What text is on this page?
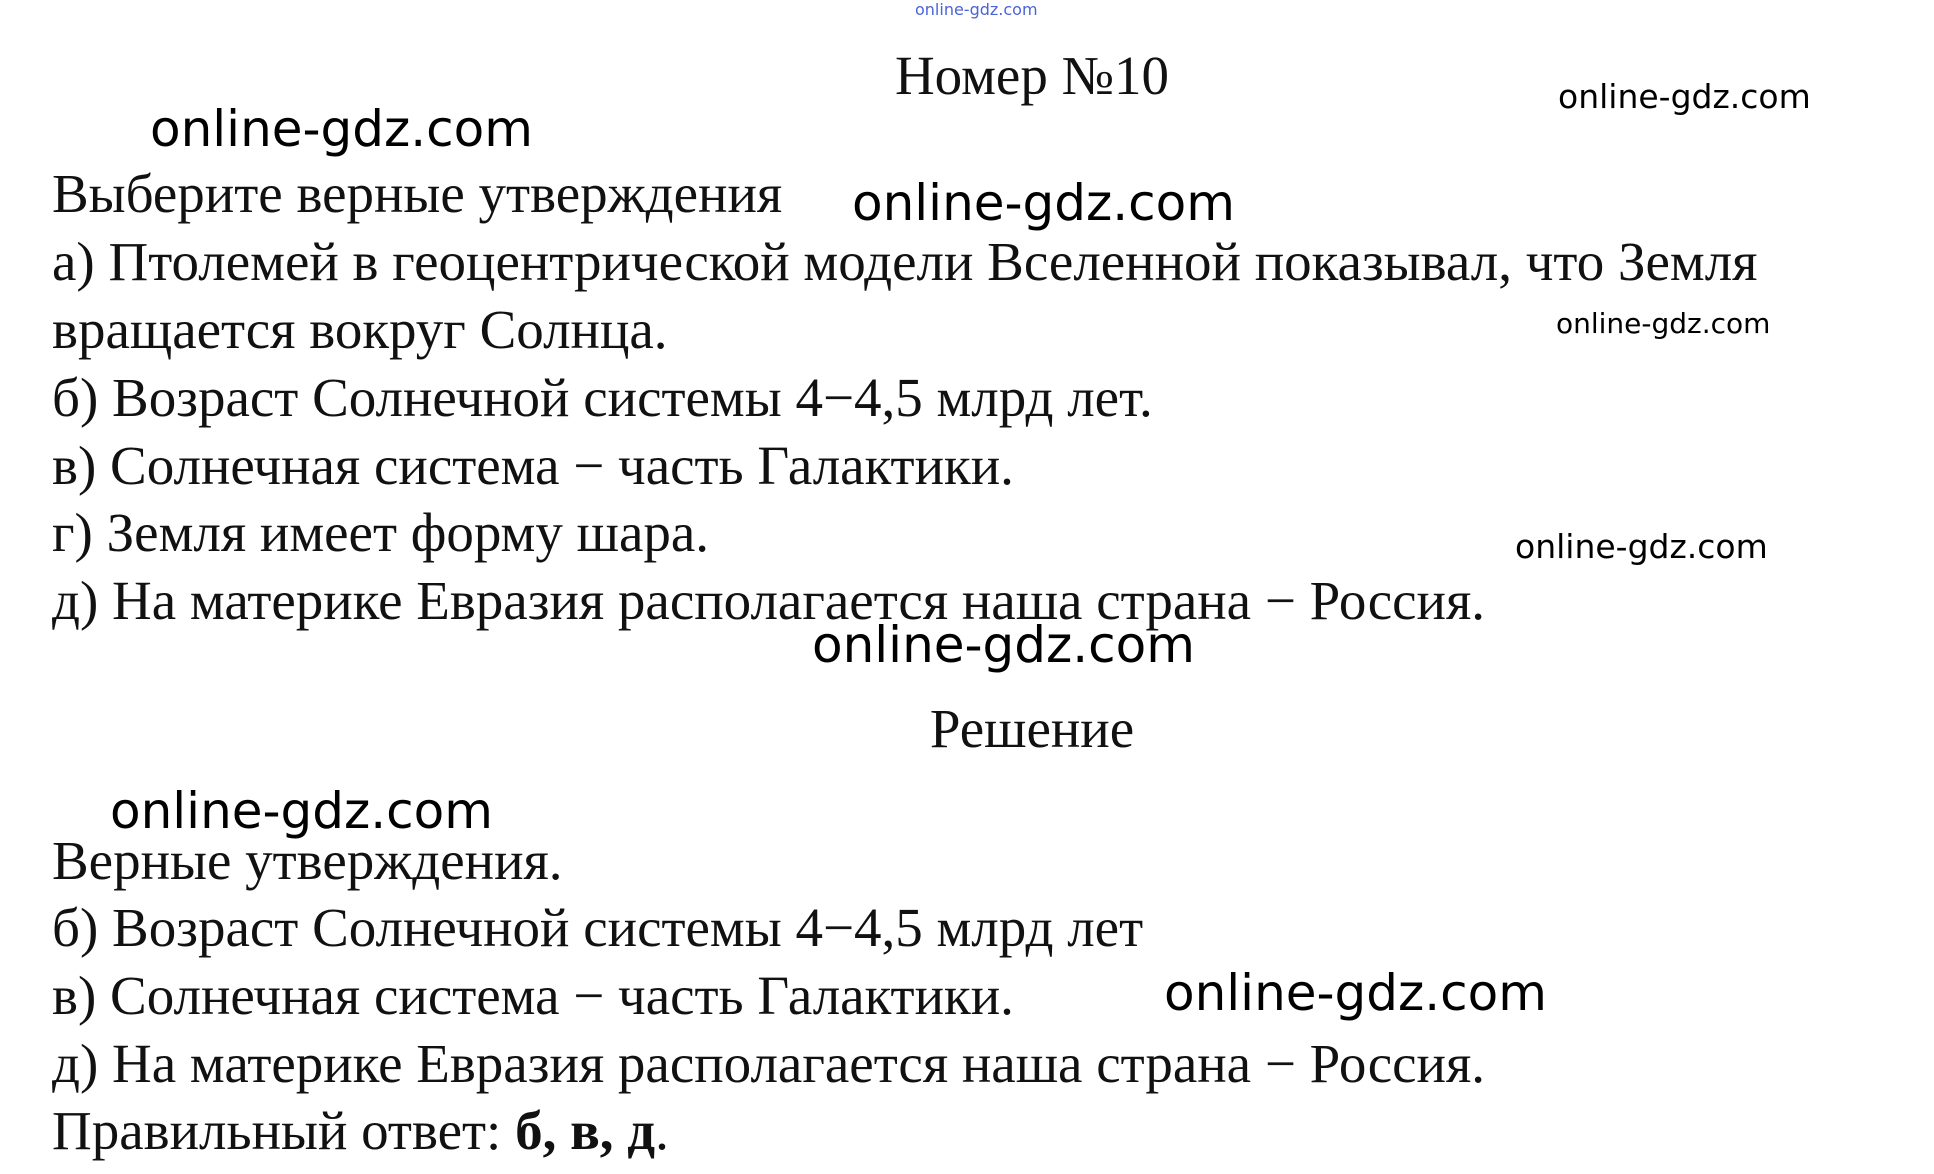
online-gdz.com
online-gdz.com
online-gdz.com
online-gdz.com
online-gdz.com
online-gdz.com
online-gdz.com
online-gdz.com
online-gdz.com
Номер №10
Выберите верные утверждения
а) Птолемей в геоцентрической модели Вселенной показывал, что Земля
вращается вокруг Солнца.
б) Возраст Солнечной системы 4−4,5 млрд лет.
в) Солнечная система − часть Галактики.
г) Земля имеет форму шара.
д) На материке Евразия располагается наша страна − Россия.
Решение
Верные утверждения.
б) Возраст Солнечной системы 4−4,5 млрд лет
в) Солнечная система − часть Галактики.
д) На материке Евразия располагается наша страна − Россия.
Правильный ответ: б, в, д.
